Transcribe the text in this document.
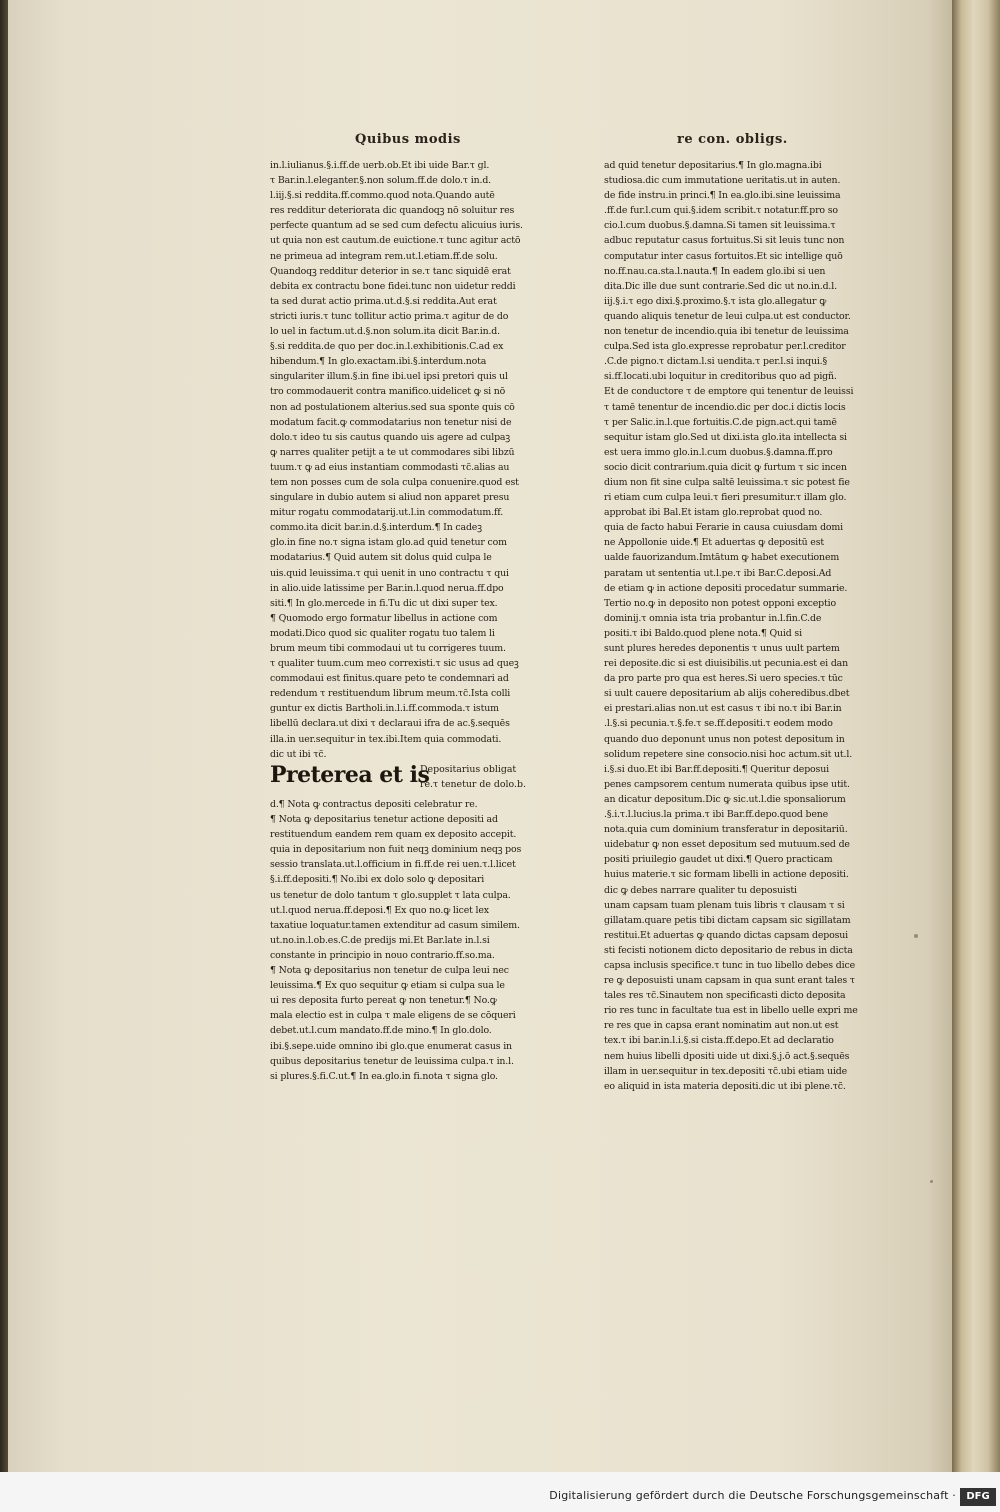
Quibus modis	re con. obligs.
in.l.iulianus.§.i.ff.de uerb.ob.Et ibi uide Bar.τ gl.
τ Bar.in.l.eleganter.§.non solum.ff.de dolo.τ in.d.
l.iij.§.si reddita.ff.commo.quod nota.Quando autē
res redditur deteriorata dic quandoqꝫ nō soluitur res
perfecte quantum ad se sed cum defectu alicuius iuris.
ut quia non est cautum.de euictione.τ tunc agitur actō
ne primeua ad integram rem.ut.l.etiam.ff.de solu.
Quandoqꝫ redditur deterior in se.τ tanc siquidē erat
debita ex contractu bone fidei.tunc non uidetur reddi
ta sed durat actio prima.ut.d.§.si reddita.Aut erat
stricti iuris.τ tunc tollitur actio prima.τ agitur de do
lo uel in factum.ut.d.§.non solum.ita dicit Bar.in.d.
§.si reddita.de quo per doc.in.l.exhibitionis.C.ad ex
hibendum.¶ In glo.exactam.ibi.§.interdum.nota
singulariter illum.§.in fine ibi.uel ipsi pretori quis ul
tro commodauerit contra manifico.uidelicet ꝙ si nō
non ad postulationem alterius.sed sua sponte quis cō
modatum facit.ꝙ commodatarius non tenetur nisi de
dolo.τ ideo tu sis cautus quando uis agere ad culpaꝫ
ꝙ narres qualiter petijt a te ut commodares sibi libzū
tuum.τ ꝙ ad eius instantiam commodasti τc̃.alias au
tem non posses cum de sola culpa conuenire.quod est
singulare in dubio autem si aliud non apparet presu
mitur rogatu commodatarij.ut.l.in commodatum.ff.
commo.ita dicit bar.in.d.§.interdum.¶ In cadeꝫ
glo.in fine no.τ signa istam glo.ad quid tenetur com
modatarius.¶ Quid autem sit dolus quid culpa le
uis.quid leuissima.τ qui uenit in uno contractu τ qui
in alio.uide latissime per Bar.in.l.quod nerua.ff.dpo
siti.¶ In glo.mercede in fi.Tu dic ut dixi super tex.
¶ Quomodo ergo formatur libellus in actione com
modati.Dico quod sic qualiter rogatu tuo talem li
brum meum tibi commodaui ut tu corrigeres tuum.
τ qualiter tuum.cum meo correxisti.τ sic usus ad queꝫ
commodaui est finitus.quare peto te condemnari ad
redendum τ restituendum librum meum.τc̃.Ista colli
guntur ex dictis Bartholi.in.l.i.ff.commoda.τ istum
libellū declara.ut dixi τ declaraui ifra de ac.§.sequēs
illa.in uer.sequitur in tex.ibi.Item quia commodati.
dic ut ibi τc̃.
Preterea et is
Depositarius obligat
re.τ tenetur de dolo.b.
d.¶ Nota ꝙ contractus depositi celebratur re.
¶ Nota ꝙ depositarius tenetur actione depositi ad
restituendum eandem rem quam ex deposito accepit.
quia in depositarium non fuit neqꝫ dominium neqꝫ pos
sessio translata.ut.l.officium in fi.ff.de rei uen.τ.l.licet
§.i.ff.depositi.¶ No.ibi ex dolo solo ꝙ depositari
us tenetur de dolo tantum τ glo.supplet τ lata culpa.
ut.l.quod nerua.ff.deposi.¶ Ex quo no.ꝙ licet lex
taxatiue loquatur.tamen extenditur ad casum similem.
ut.no.in.l.ob.es.C.de predijs mi.Et Bar.late in.l.si
constante in principio in nouo contrario.ff.so.ma.
¶ Nota ꝙ depositarius non tenetur de culpa leui nec
leuissima.¶ Ex quo sequitur ꝙ etiam si culpa sua le
ui res deposita furto pereat ꝙ non tenetur.¶ No.ꝙ
mala electio est in culpa τ male eligens de se cōqueri
debet.ut.l.cum mandato.ff.de mino.¶ In glo.dolo.
ibi.§.sepe.uide omnino ibi glo.que enumerat casus in
quibus depositarius tenetur de leuissima culpa.τ in.l.
si plures.§.fi.C.ut.¶ In ea.glo.in fi.nota τ signa glo.
ad quid tenetur depositarius.¶ In glo.magna.ibi
studiosa.dic cum immutatione ueritatis.ut in auten.
de fide instru.in princi.¶ In ea.glo.ibi.sine leuissima
.ff.de fur.l.cum qui.§.idem scribit.τ notatur.ff.pro so
cio.l.cum duobus.§.damna.Si tamen sit leuissima.τ
adbuc reputatur casus fortuitus.Si sit leuis tunc non
computatur inter casus fortuitos.Et sic intellige quō
no.ff.nau.ca.sta.l.nauta.¶ In eadem glo.ibi si uen
dita.Dic ille due sunt contrarie.Sed dic ut no.in.d.l.
iij.§.i.τ ego dixi.§.proximo.§.τ ista glo.allegatur ꝙ
quando aliquis tenetur de leui culpa.ut est conductor.
non tenetur de incendio.quia ibi tenetur de leuissima
culpa.Sed ista glo.expresse reprobatur per.l.creditor
.C.de pigno.τ dictam.l.si uendita.τ per.l.si inqui.§
si.ff.locati.ubi loquitur in creditoribus quo ad pigñ.
Et de conductore τ de emptore qui tenentur de leuissi
τ tamē tenentur de incendio.dic per doc.i dictis locis
τ per Salic.in.l.que fortuitis.C.de pign.act.qui tamē
sequitur istam glo.Sed ut dixi.ista glo.ita intellecta si
est uera immo glo.in.l.cum duobus.§.damna.ff.pro
socio dicit contrarium.quia dicit ꝙ furtum τ sic incen
dium non fit sine culpa saltē leuissima.τ sic potest fie
ri etiam cum culpa leui.τ fieri presumitur.τ illam glo.
approbat ibi Bal.Et istam glo.reprobat quod no.
quia de facto habui Ferarie in causa cuiusdam domi
ne Appollonie uide.¶ Et aduertas ꝙ depositū est
ualde fauorizandum.Imtātum ꝙ habet executionem
paratam ut sententia ut.l.pe.τ ibi Bar.C.deposi.Ad
de etiam ꝙ in actione depositi procedatur summarie.
Tertio no.ꝙ in deposito non potest opponi exceptio
dominij.τ omnia ista tria probantur in.l.fin.C.de
positi.τ ibi Baldo.quod plene nota.¶ Quid si
sunt plures heredes deponentis τ unus uult partem
rei deposite.dic si est diuisibilis.ut pecunia.est ei dan
da pro parte pro qua est heres.Si uero species.τ tūc
si uult cauere depositarium ab alijs coheredibus.dbet
ei prestari.alias non.ut est casus τ ibi no.τ ibi Bar.in
.l.§.si pecunia.τ.§.fe.τ se.ff.depositi.τ eodem modo
quando duo deponunt unus non potest depositum in
solidum repetere sine consocio.nisi hoc actum.sit ut.l.
i.§.si duo.Et ibi Bar.ff.depositi.¶ Queritur deposui
penes campsorem centum numerata quibus ipse utit.
an dicatur depositum.Dic ꝙ sic.ut.l.die sponsaliorum
.§.i.τ.l.lucius.la prima.τ ibi Bar.ff.depo.quod bene
nota.quia cum dominium transferatur in depositariū.
uidebatur ꝙ non esset depositum sed mutuum.sed de
positi priuilegio gaudet ut dixi.¶ Quero practicam
huius materie.τ sic formam libelli in actione depositi.
dic ꝙ debes narrare qualiter tu deposuisti
unam capsam tuam plenam tuis libris τ clausam τ si
gillatam.quare petis tibi dictam capsam sic sigillatam
restitui.Et aduertas ꝙ quando dictas capsam deposui
sti fecisti notionem dicto depositario de rebus in dicta
capsa inclusis specifice.τ tunc in tuo libello debes dice
re ꝙ deposuisti unam capsam in qua sunt erant tales τ
tales res τc̃.Sinautem non specificasti dicto deposita
rio res tunc in facultate tua est in libello uelle expri me
re res que in capsa erant nominatim aut non.ut est
tex.τ ibi bar.in.l.i.§.si cista.ff.depo.Et ad declaratio
nem huius libelli dpositi uide ut dixi.§.j.ō act.§.sequēs
illam in uer.sequitur in tex.depositi τc̃.ubi etiam uide
eo aliquid in ista materia depositi.dic ut ibi plene.τc̃.
Digitalisierung gefördert durch die Deutsche Forschungsgemeinschaft ·	DFG
